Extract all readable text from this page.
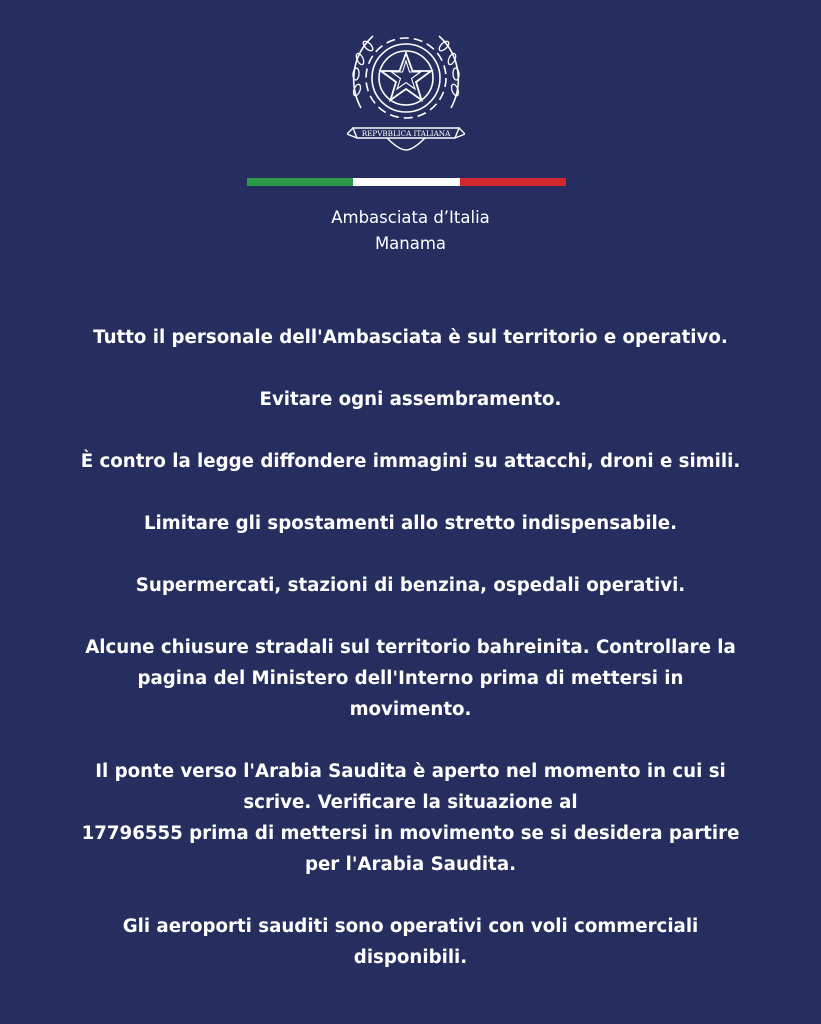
REPVBBLICA ITALIANA
Ambasciata d’Italia
Manama

Tutto il personale dell'Ambasciata è sul territorio e operativo.

Evitare ogni assembramento.

È contro la legge diffondere immagini su attacchi, droni e simili.

Limitare gli spostamenti allo stretto indispensabile.

Supermercati, stazioni di benzina, ospedali operativi.

Alcune chiusure stradali sul territorio bahreinita. Controllare la
pagina del Ministero dell'Interno prima di mettersi in
movimento.

Il ponte verso l'Arabia Saudita è aperto nel momento in cui si
scrive. Verificare la situazione al
17796555 prima di mettersi in movimento se si desidera partire
per l'Arabia Saudita.

Gli aeroporti sauditi sono operativi con voli commerciali
disponibili.
